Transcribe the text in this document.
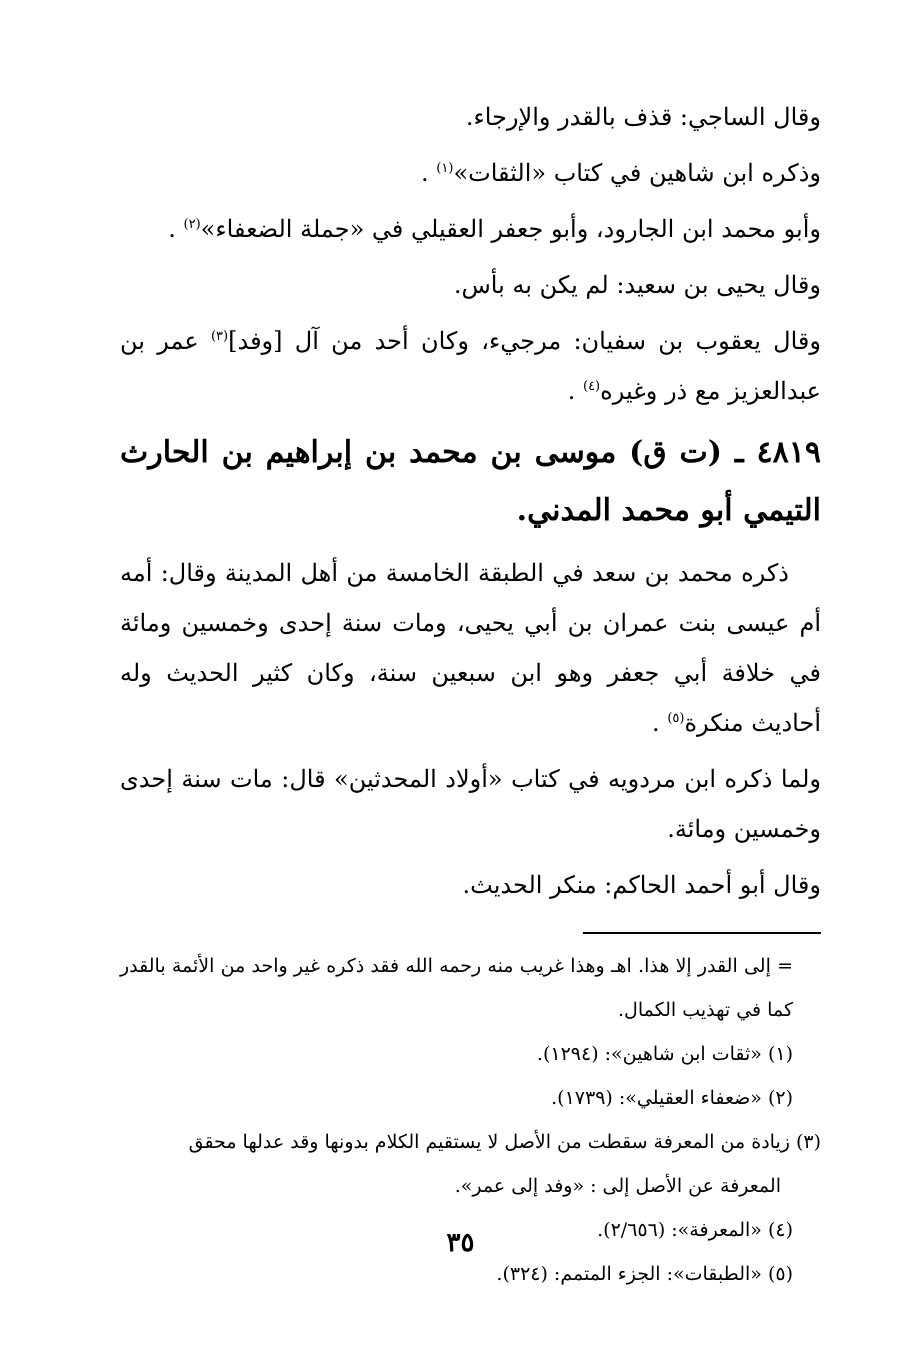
وقال الساجي: قذف بالقدر والإرجاء.

وذكره ابن شاهين في كتاب «الثقات»$^{(١)}$ .

وأبو محمد ابن الجارود، وأبو جعفر العقيلي في «جملة الضعفاء»$^{(٢)}$ .

وقال يحيى بن سعيد: لم يكن به بأس.

وقال يعقوب بن سفيان: مرجيء، وكان أحد من آل [وفد]$^{(٣)}$ عمر بن عبدالعزيز مع ذر وغيره$^{(٤)}$ .

٤٨١٩ ـ (ت ق) موسى بن محمد بن إبراهيم بن الحارث التيمي أبو محمد المدني.

ذكره محمد بن سعد في الطبقة الخامسة من أهل المدينة وقال: أمه أم عيسى بنت عمران بن أبي يحيى، ومات سنة إحدى وخمسين ومائة في خلافة أبي جعفر وهو ابن سبعين سنة، وكان كثير الحديث وله أحاديث منكرة$^{(٥)}$ .

ولما ذكره ابن مردويه في كتاب «أولاد المحدثين» قال: مات سنة إحدى وخمسين ومائة.

وقال أبو أحمد الحاكم: منكر الحديث.

= إلى القدر إلا هذا. اهـ وهذا غريب منه رحمه الله فقد ذكره غير واحد من الأئمة بالقدر كما في تهذيب الكمال.

(١) «ثقات ابن شاهين»: (١٢٩٤).

(٢) «ضعفاء العقيلي»: (١٧٣٩).

(٣) زيادة من المعرفة سقطت من الأصل لا يستقيم الكلام بدونها وقد عدلها محقق

المعرفة عن الأصل إلى : «وفد إلى عمر».

(٤) «المعرفة»: (٢/٦٥٦).

(٥) «الطبقات»: الجزء المتمم: (٣٢٤).

٣٥
